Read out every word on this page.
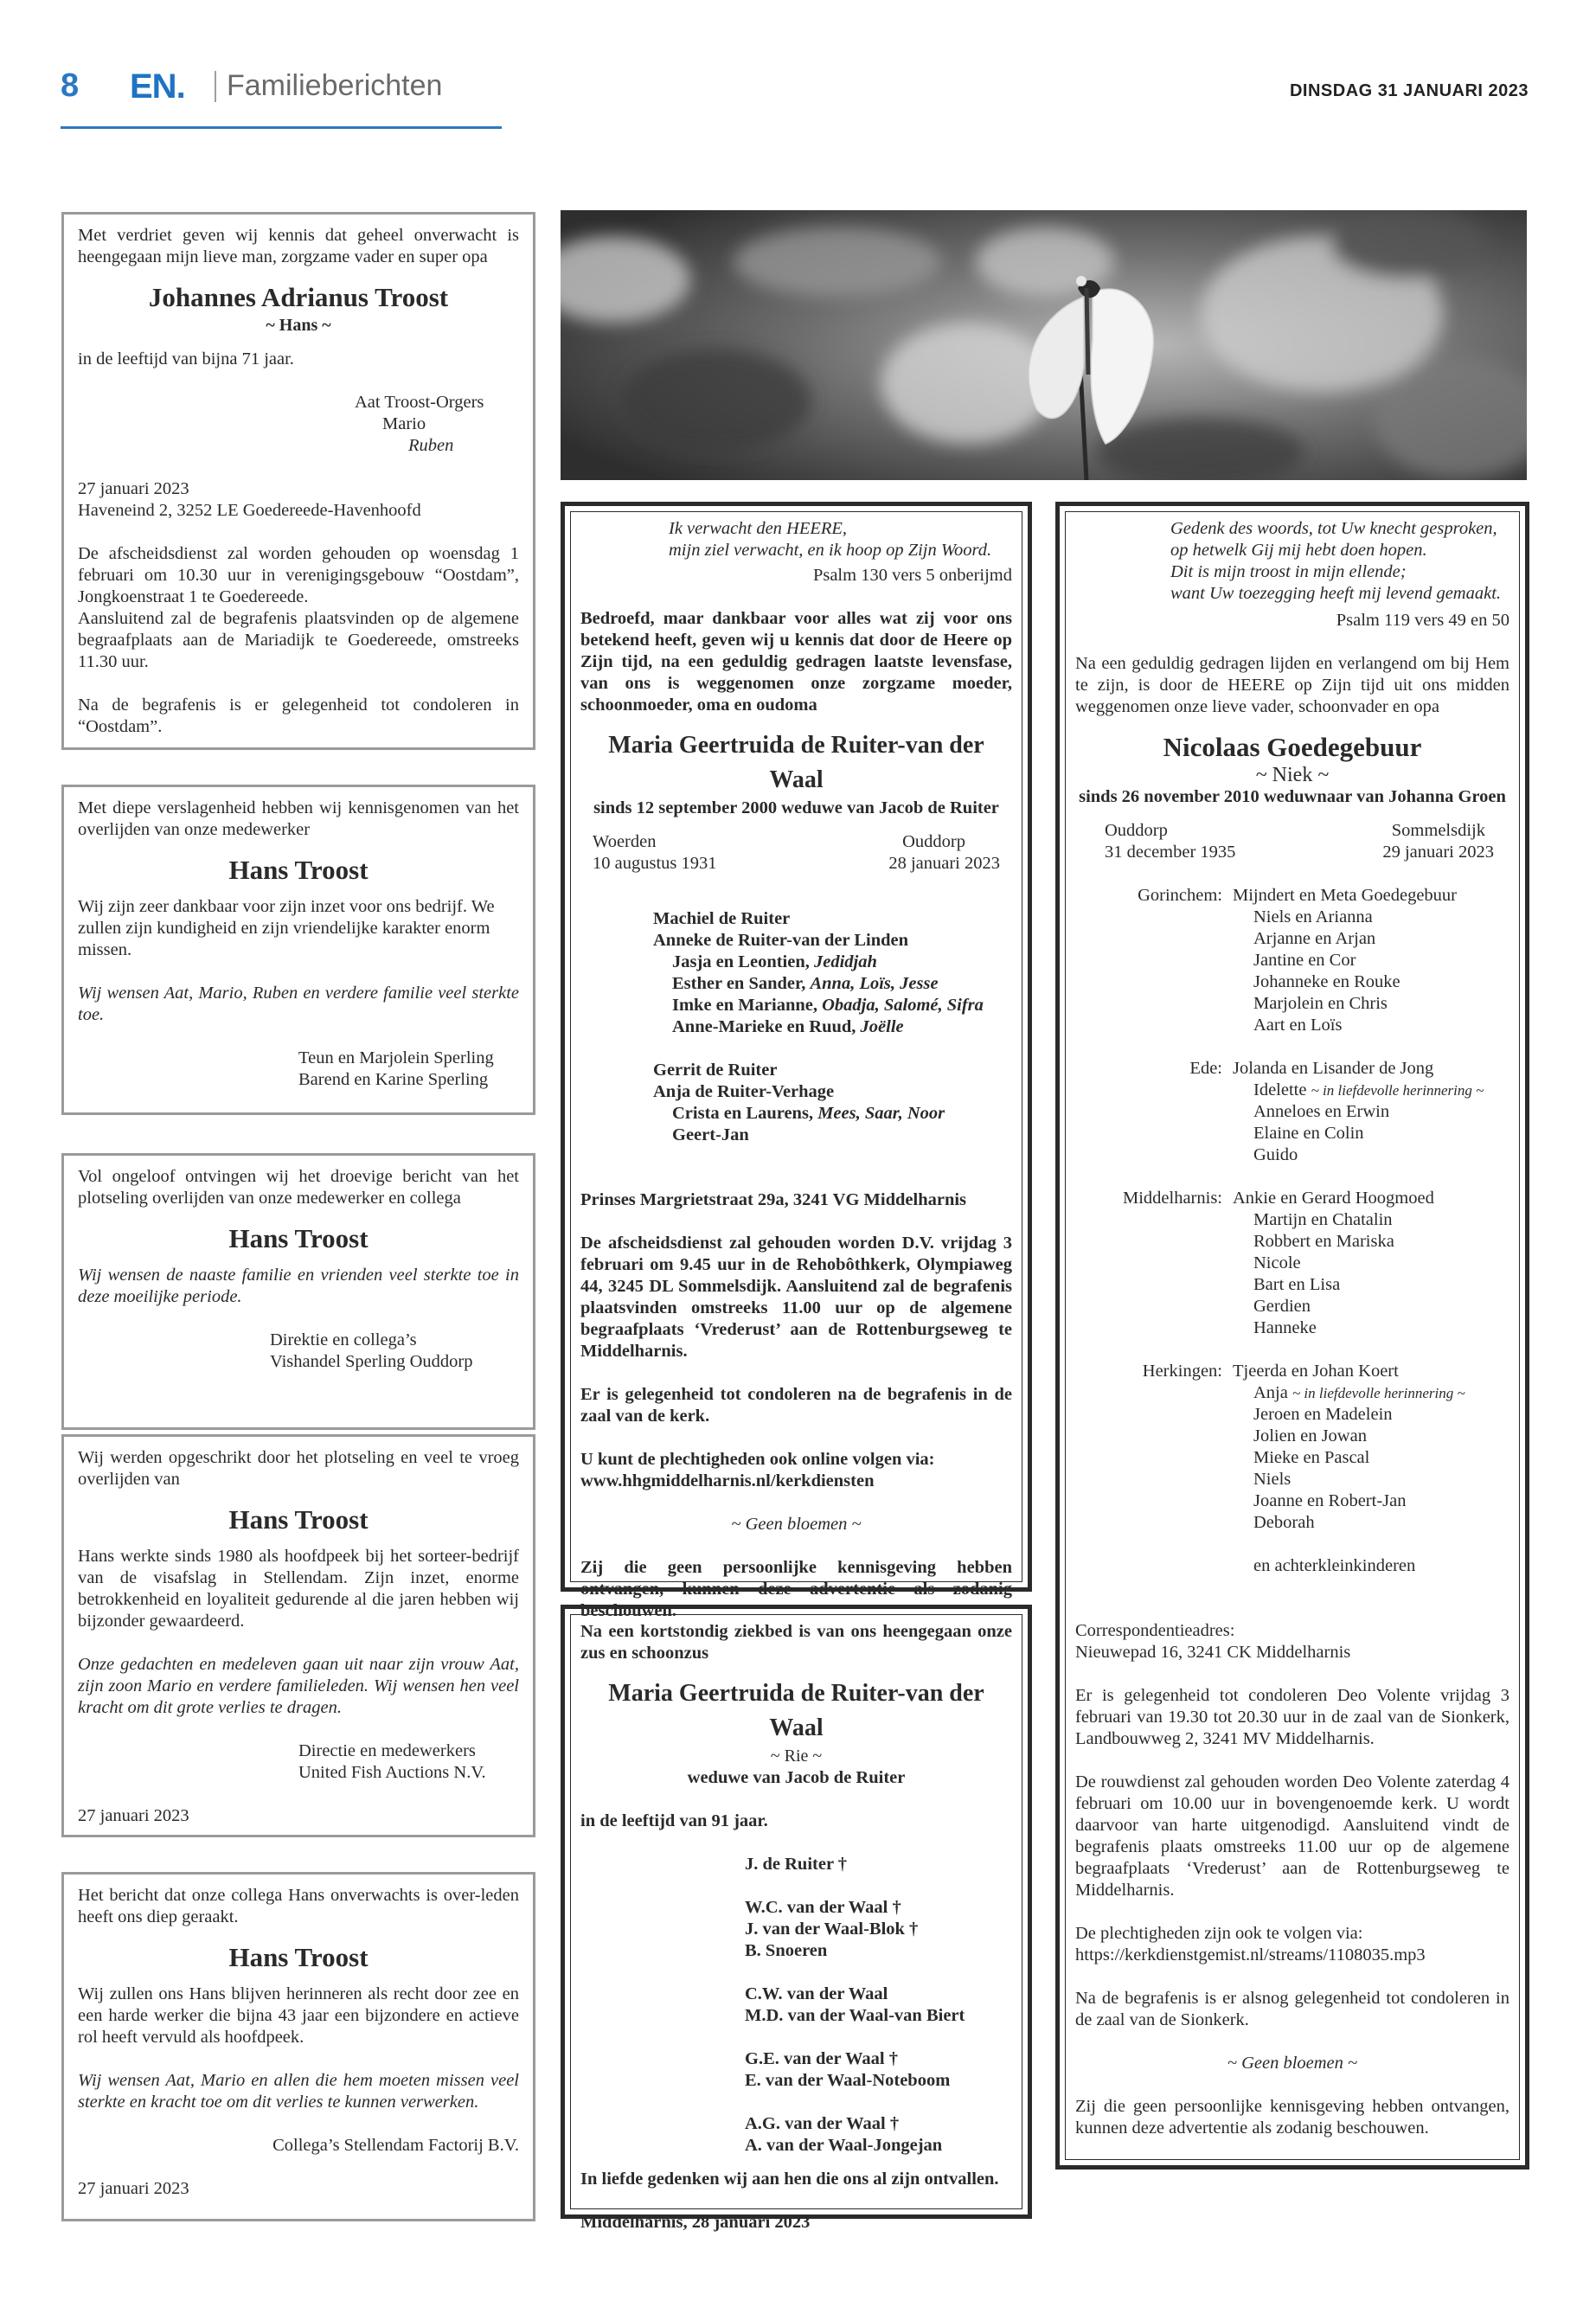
8 EN. Familieberichten	DINSDAG 31 JANUARI 2023

Met verdriet geven wij kennis dat geheel onverwacht is heengegaan mijn lieve man, zorgzame vader en super opa

Johannes Adrianus Troost

~ Hans ~

in de leeftijd van bijna 71 jaar.

Aat Troost-Orgers

Mario

Ruben

27 januari 2023

Haveneind 2, 3252 LE Goedereede-Havenhoofd

De afscheidsdienst zal worden gehouden op woensdag 1 februari om 10.30 uur in verenigingsgebouw “Oostdam”, Jongkoenstraat 1 te Goedereede.

Aansluitend zal de begrafenis plaatsvinden op de algemene begraafplaats aan de Mariadijk te Goedereede, omstreeks 11.30 uur.

Na de begrafenis is er gelegenheid tot condoleren in “Oostdam”.

Met diepe verslagenheid hebben wij kennisgenomen van het overlijden van onze medewerker

Hans Troost

Wij zijn zeer dankbaar voor zijn inzet voor ons bedrijf. We zullen zijn kundigheid en zijn vriendelijke karakter enorm missen.

Wij wensen Aat, Mario, Ruben en verdere familie veel sterkte toe.

Teun en Marjolein Sperling

Barend en Karine Sperling

Vol ongeloof ontvingen wij het droevige bericht van het plotseling overlijden van onze medewerker en collega

Hans Troost

Wij wensen de naaste familie en vrienden veel sterkte toe in deze moeilijke periode.

Direktie en collega’s

Vishandel Sperling Ouddorp

Wij werden opgeschrikt door het plotseling en veel te vroeg overlijden van

Hans Troost

Hans werkte sinds 1980 als hoofdpeek bij het sorteer-bedrijf van de visafslag in Stellendam. Zijn inzet, enorme betrokkenheid en loyaliteit gedurende al die jaren hebben wij bijzonder gewaardeerd.

Onze gedachten en medeleven gaan uit naar zijn vrouw Aat, zijn zoon Mario en verdere familieleden. Wij wensen hen veel kracht om dit grote verlies te dragen.

Directie en medewerkers

United Fish Auctions N.V.

27 januari 2023

Het bericht dat onze collega Hans onverwachts is over-leden heeft ons diep geraakt.

Hans Troost

Wij zullen ons Hans blijven herinneren als recht door zee en een harde werker die bijna 43 jaar een bijzondere en actieve rol heeft vervuld als hoofdpeek.

Wij wensen Aat, Mario en allen die hem moeten missen veel sterkte en kracht toe om dit verlies te kunnen verwerken.

Collega’s Stellendam Factorij B.V.

27 januari 2023

Ik verwacht den HEERE,

mijn ziel verwacht, en ik hoop op Zijn Woord.

Psalm 130 vers 5 onberijmd

Bedroefd, maar dankbaar voor alles wat zij voor ons betekend heeft, geven wij u kennis dat door de Heere op Zijn tijd, na een geduldig gedragen laatste levensfase, van ons is weggenomen onze zorgzame moeder, schoonmoeder, oma en oudoma

Maria Geertruida de Ruiter-van der Waal

sinds 12 september 2000 weduwe van Jacob de Ruiter

Woerden	Ouddorp
10 augustus 1931	28 januari 2023

Machiel de Ruiter

Anneke de Ruiter-van der Linden

Jasja en Leontien, Jedidjah

Esther en Sander, Anna, Loïs, Jesse

Imke en Marianne, Obadja, Salomé, Sifra

Anne-Marieke en Ruud, Joëlle

Gerrit de Ruiter

Anja de Ruiter-Verhage

Crista en Laurens, Mees, Saar, Noor

Geert-Jan

Prinses Margrietstraat 29a, 3241 VG Middelharnis

De afscheidsdienst zal gehouden worden D.V. vrijdag 3 februari om 9.45 uur in de Rehobôthkerk, Olympiaweg 44, 3245 DL Sommelsdijk. Aansluitend zal de begrafenis plaatsvinden omstreeks 11.00 uur op de algemene begraafplaats ‘Vrederust’ aan de Rottenburgseweg te Middelharnis.

Er is gelegenheid tot condoleren na de begrafenis in de zaal van de kerk.

U kunt de plechtigheden ook online volgen via: www.hhgmiddelharnis.nl/kerkdiensten

~ Geen bloemen ~

Zij die geen persoonlijke kennisgeving hebben ontvangen, kunnen deze advertentie als zodanig beschouwen.

Na een kortstondig ziekbed is van ons heengegaan onze zus en schoonzus

Maria Geertruida de Ruiter-van der Waal

~ Rie ~

weduwe van Jacob de Ruiter

in de leeftijd van 91 jaar.

J. de Ruiter †

W.C. van der Waal †

J. van der Waal-Blok †

B. Snoeren

C.W. van der Waal

M.D. van der Waal-van Biert

G.E. van der Waal †

E. van der Waal-Noteboom

A.G. van der Waal †

A. van der Waal-Jongejan

In liefde gedenken wij aan hen die ons al zijn ontvallen.

Middelharnis, 28 januari 2023

Gedenk des woords, tot Uw knecht gesproken,

op hetwelk Gij mij hebt doen hopen.

Dit is mijn troost in mijn ellende;

want Uw toezegging heeft mij levend gemaakt.

Psalm 119 vers 49 en 50

Na een geduldig gedragen lijden en verlangend om bij Hem te zijn, is door de HEERE op Zijn tijd uit ons midden weggenomen onze lieve vader, schoonvader en opa

Nicolaas Goedegebuur

~ Niek ~

sinds 26 november 2010 weduwnaar van Johanna Groen

Ouddorp	Sommelsdijk
31 december 1935	29 januari 2023
Gorinchem:	Mijndert en Meta Goedegebuur
	Niels en Arianna
	Arjanne en Arjan
	Jantine en Cor
	Johanneke en Rouke
	Marjolein en Chris
	Aart en Loïs

Ede:	Jolanda en Lisander de Jong
	Idelette ~ in liefdevolle herinnering ~
	Anneloes en Erwin
	Elaine en Colin
	Guido

Middelharnis:	Ankie en Gerard Hoogmoed
	Martijn en Chatalin
	Robbert en Mariska
	Nicole
	Bart en Lisa
	Gerdien
	Hanneke

Herkingen:	Tjeerda en Johan Koert
	Anja ~ in liefdevolle herinnering ~
	Jeroen en Madelein
	Jolien en Jowan
	Mieke en Pascal
	Niels
	Joanne en Robert-Jan
	Deborah

	en achterkleinkinderen

Correspondentieadres:

Nieuwepad 16, 3241 CK Middelharnis

Er is gelegenheid tot condoleren Deo Volente vrijdag 3 februari van 19.30 tot 20.30 uur in de zaal van de Sionkerk, Landbouwweg 2, 3241 MV Middelharnis.

De rouwdienst zal gehouden worden Deo Volente zaterdag 4 februari om 10.00 uur in bovengenoemde kerk. U wordt daarvoor van harte uitgenodigd. Aansluitend vindt de begrafenis plaats omstreeks 11.00 uur op de algemene begraafplaats ‘Vrederust’ aan de Rottenburgseweg te Middelharnis.

De plechtigheden zijn ook te volgen via:

https://kerkdienstgemist.nl/streams/1108035.mp3

Na de begrafenis is er alsnog gelegenheid tot condoleren in de zaal van de Sionkerk.

~ Geen bloemen ~

Zij die geen persoonlijke kennisgeving hebben ontvangen, kunnen deze advertentie als zodanig beschouwen.
